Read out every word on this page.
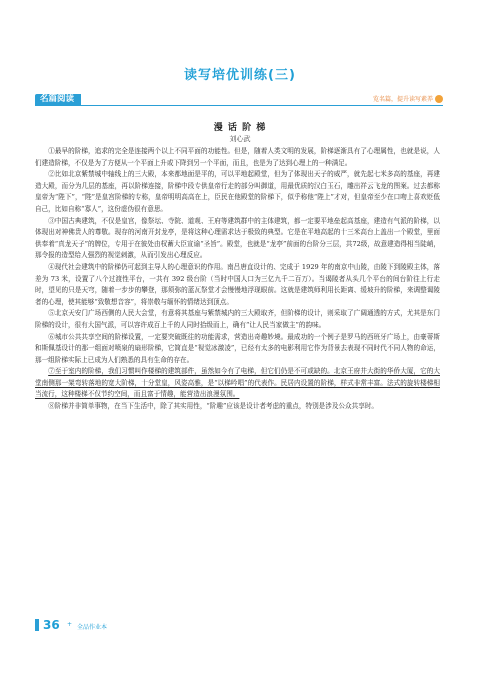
读写培优训练(三)
名篇阅读	览名篇，提升读写素养
漫 话 阶 梯
刘心武

①最早的阶梯，追求的完全是连接两个以上不同平面的功能性。但是，随着人类文明的发展，阶梯逐渐具有了心理属性，也就是说，人们建造阶梯，不仅是为了方便从一个平面上升或下降到另一个平面，而且，也是为了达到心理上的一种满足。

②比如北京紫禁城中轴线上的三大殿，本来都地面是平的，可以平地起殿堂，但为了体现出天子的威严，就先起七米多高的基座，再建造大殿，而分为几层的基座，再以阶梯连接，阶梯中段专供皇帝行走的部分叫御道，用最优质的汉白玉石，雕出祥云飞龙的图案。过去都称皇帝为“陛下”，“陛”是皇宫阶梯的专称，皇帝明明高高在上，臣民在他殿堂的阶梯下，似乎称他“陛上”才对，但皇帝至少在口吻上喜欢贬低自己，比如自称“寡人”，这份虚伪很有意思。

③中国古典建筑，不仅是皇宫，像祭坛、寺院、道观、王府等建筑群中的主体建筑，都一定要平地垒起高基座，建造有气派的阶梯，以体现出对神佛贵人的尊敬。现存的河南开封龙亭，是将这种心理需求达于极致的典型。它是在平地高起的十三米高台上盖出一个殿堂，里面供奉着“真龙天子”的牌位，专用于在彼处由权蓄大臣宣谕“圣旨”。殿堂，也就是“龙亭”前面的台阶分三层，共72级，故意建造得相当陡峭，那令报的造型给人强烈的视觉刺激，从而引发出心理反应。

④现代社会建筑中的阶梯仍可起到主导人的心理意识的作用。南吕唐直设计的、完成于 1929 年的南京中山陵，由陵下到陵殿主体，落差为 73 米，设置了八个过渡性平台，一共有 392 级台阶（当时中国人口为三亿九千二百万）。当谒陵者从头几个平台的间台阶往上行走时，望见的只是天穹，随着一步步的攀登，那须弥的蓝瓦祭堂才会慢慢地浮现眼前。这就是建筑师利用长距离、缓坡升的阶梯，来调整谒陵者的心理，使其能够“致敬想音容”，将崇敬与缅怀的情绪达到顶点。

⑤北京天安门广场西侧的人民大会堂，有意将其基座与紫禁城内的三大殿取齐，但阶梯的设计，则采取了广阔通透的方式，尤其是东门阶梯的设计，很有大国气派，可以容许成百上千的人同时拾级而上，确有“让人民当家做主”的韵味。

⑥城市公共共享空间的阶梯设置，一定要突破既往的功能需求，营造出奇趣妙境。最成功的一个例子是罗马的西班牙广场上，由豪蒂斯和斯佩基设计的那一组面对喷泉的扇形阶梯，它简直是“视觉冰激凌”，已经有太多的电影利用它作为背景去表现不同时代不同人物的命运，那一组阶梯实际上已成为人们熟悉的具有生命的存在。

⑦至于室内的阶梯，我们习惯叫作楼梯的建筑部件，虽然如今有了电梯，但它们仍是不可或缺的。北京王府井大街的华侨大厦，它的大堂南侧那一架弯转落地的宽大阶梯，十分堂皇，风姿高雅，是“以梯吟唱”的代表作。民居内设置的阶梯，样式非常丰富。法式的旋转楼梯相当流行，这种楼梯不仅节约空间，而且富于情趣，能营造出浪漫氛围。

⑧阶梯并非简单事物，在当下生活中，除了其实用性，“阶趣”应该是设计者考虑的重点，特别是涉及公众共享时。

36 + 全品作业本
